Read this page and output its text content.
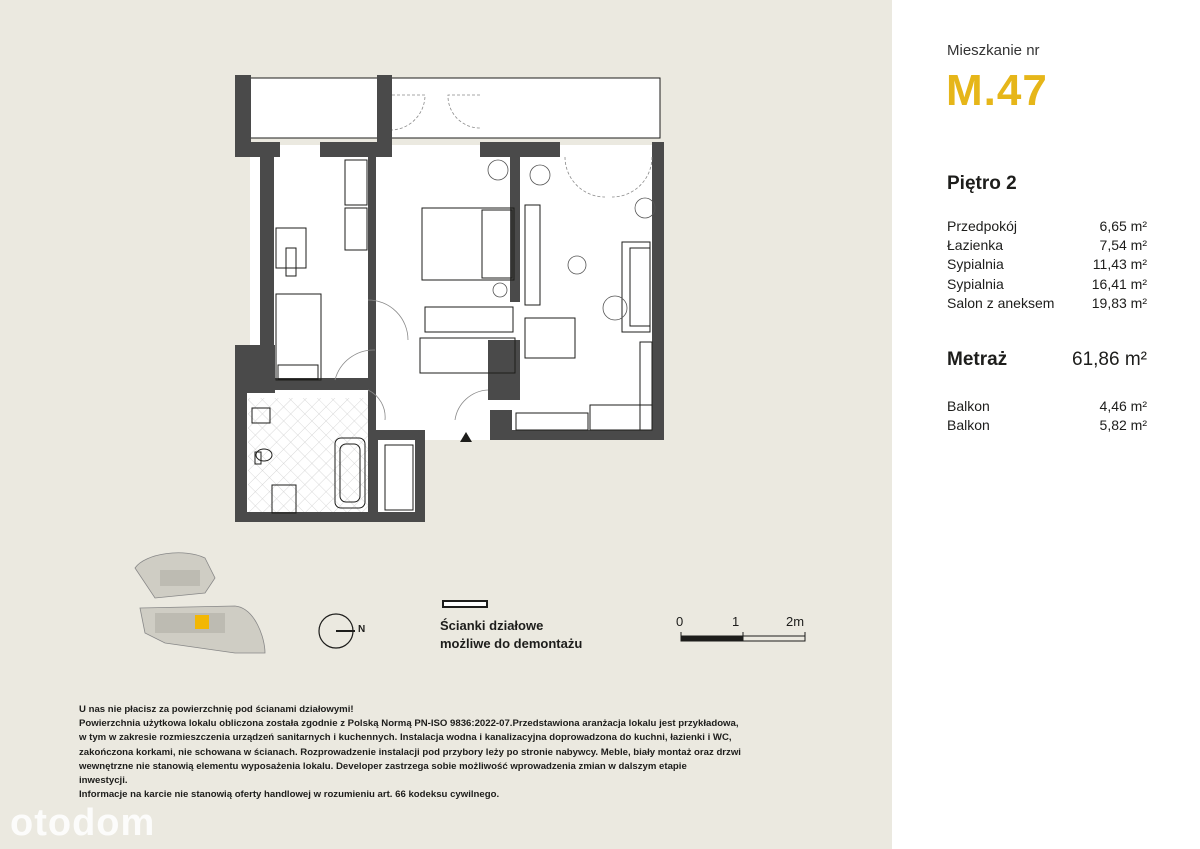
N	Ścianki działowe
możliwe do demontażu
0	1	2m
U nas nie płacisz za powierzchnię pod ścianami działowymi!
Powierzchnia użytkowa lokalu obliczona została zgodnie z Polską Normą PN-ISO 9836:2022-07.Przedstawiona aranżacja lokalu jest przykładowa,
w tym w zakresie rozmieszczenia urządzeń sanitarnych i kuchennych. Instalacja wodna i kanalizacyjna doprowadzona do kuchni, łazienki i WC,
zakończona korkami, nie schowana w ścianach. Rozprowadzenie instalacji pod przybory leży po stronie nabywcy. Meble, biały montaż oraz drzwi
wewnętrzne nie stanowią elementu wyposażenia lokalu. Developer zastrzega sobie możliwość wprowadzenia zmian w dalszym etapie
inwestycji.
Informacje na karcie nie stanowią oferty handlowej w rozumieniu art. 66 kodeksu cywilnego.
otodom
Mieszkanie nr
M.47
Piętro 2
Przedpokój	6,65 m²
Łazienka	7,54 m²
Sypialnia	11,43 m²
Sypialnia	16,41 m²
Salon z aneksem	19,83 m²
Metraż	61,86 m²
Balkon	4,46 m²
Balkon	5,82 m²
